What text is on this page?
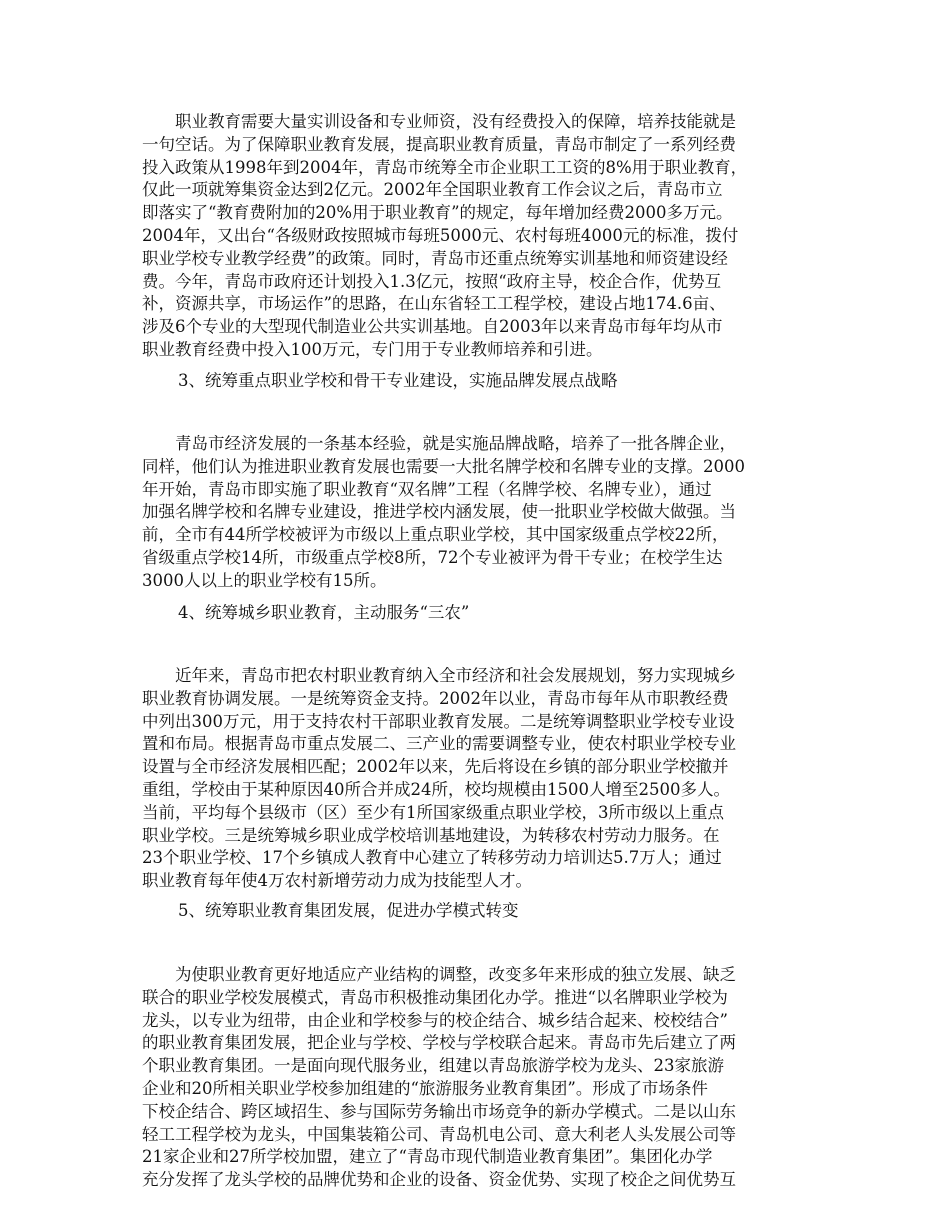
　　职业教育需要大量实训设备和专业师资，没有经费投入的保障，培养技能就是
一句空话。为了保障职业教育发展，提高职业教育质量，青岛市制定了一系列经费
投入政策从1998年到2004年，青岛市统筹全市企业职工工资的8%用于职业教育，
仅此一项就筹集资金达到2亿元。2002年全国职业教育工作会议之后，青岛市立
即落实了“教育费附加的20%用于职业教育”的规定，每年增加经费2000多万元。
2004年，又出台“各级财政按照城市每班5000元、农村每班4000元的标准，拨付
职业学校专业教学经费”的政策。同时，青岛市还重点统筹实训基地和师资建设经
费。今年，青岛市政府还计划投入1.3亿元，按照“政府主导，校企合作，优势互
补，资源共享，市场运作”的思路，在山东省轻工工程学校，建设占地174.6亩、
涉及6个专业的大型现代制造业公共实训基地。自2003年以来青岛市每年均从市
职业教育经费中投入100万元，专门用于专业教师培养和引进。

3、统筹重点职业学校和骨干专业建设，实施品牌发展点战略

　　青岛市经济发展的一条基本经验，就是实施品牌战略，培养了一批各牌企业，
同样，他们认为推进职业教育发展也需要一大批名牌学校和名牌专业的支撑。2000
年开始，青岛市即实施了职业教育“双名牌”工程（名牌学校、名牌专业），通过
加强名牌学校和名牌专业建设，推进学校内涵发展，使一批职业学校做大做强。当
前，全市有44所学校被评为市级以上重点职业学校，其中国家级重点学校22所，
省级重点学校14所，市级重点学校8所，72个专业被评为骨干专业；在校学生达
3000人以上的职业学校有15所。

4、统筹城乡职业教育，主动服务“三农”

　　近年来，青岛市把农村职业教育纳入全市经济和社会发展规划，努力实现城乡
职业教育协调发展。一是统筹资金支持。2002年以业，青岛市每年从市职教经费
中列出300万元，用于支持农村干部职业教育发展。二是统筹调整职业学校专业设
置和布局。根据青岛市重点发展二、三产业的需要调整专业，使农村职业学校专业
设置与全市经济发展相匹配；2002年以来，先后将设在乡镇的部分职业学校撤并
重组，学校由于某种原因40所合并成24所，校均规模由1500人增至2500多人。
当前，平均每个县级市（区）至少有1所国家级重点职业学校，3所市级以上重点
职业学校。三是统筹城乡职业成学校培训基地建设，为转移农村劳动力服务。在
23个职业学校、17个乡镇成人教育中心建立了转移劳动力培训达5.7万人；通过
职业教育每年使4万农村新增劳动力成为技能型人才。

5、统筹职业教育集团发展，促进办学模式转变

　　为使职业教育更好地适应产业结构的调整，改变多年来形成的独立发展、缺乏
联合的职业学校发展模式，青岛市积极推动集团化办学。推进“以名牌职业学校为
龙头，以专业为纽带，由企业和学校参与的校企结合、城乡结合起来、校校结合”
的职业教育集团发展，把企业与学校、学校与学校联合起来。青岛市先后建立了两
个职业教育集团。一是面向现代服务业，组建以青岛旅游学校为龙头、23家旅游
企业和20所相关职业学校参加组建的“旅游服务业教育集团”。形成了市场条件
下校企结合、跨区域招生、参与国际劳务输出市场竞争的新办学模式。二是以山东
轻工工程学校为龙头，中国集装箱公司、青岛机电公司、意大利老人头发展公司等
21家企业和27所学校加盟，建立了“青岛市现代制造业教育集团”。集团化办学
充分发挥了龙头学校的品牌优势和企业的设备、资金优势、实现了校企之间优势互
